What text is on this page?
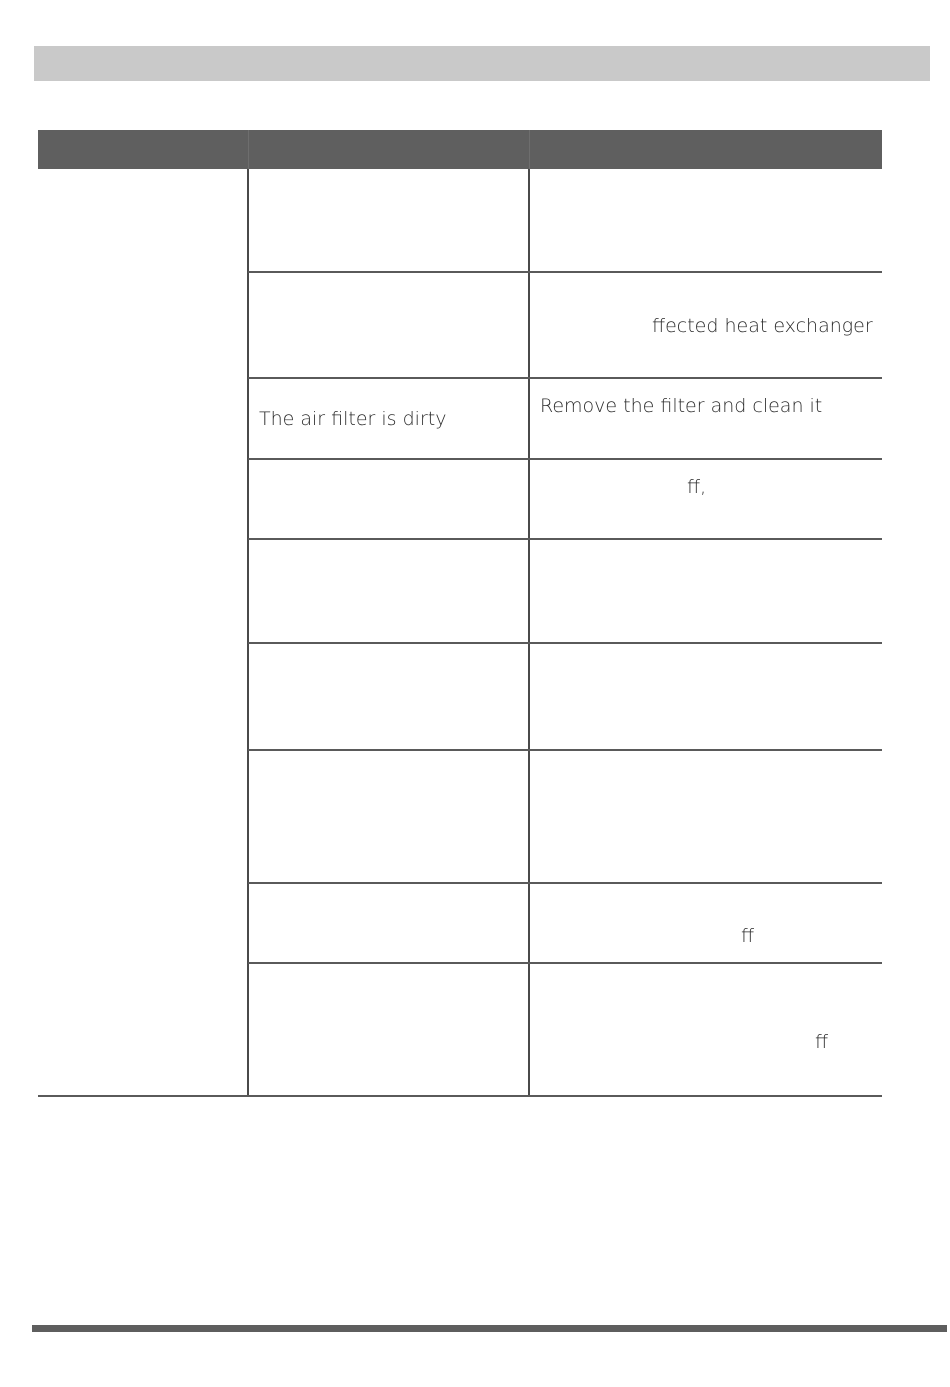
ffected heat exchanger
The air filter is dirty
Remove the filter and clean it
ff,
ff
ff
